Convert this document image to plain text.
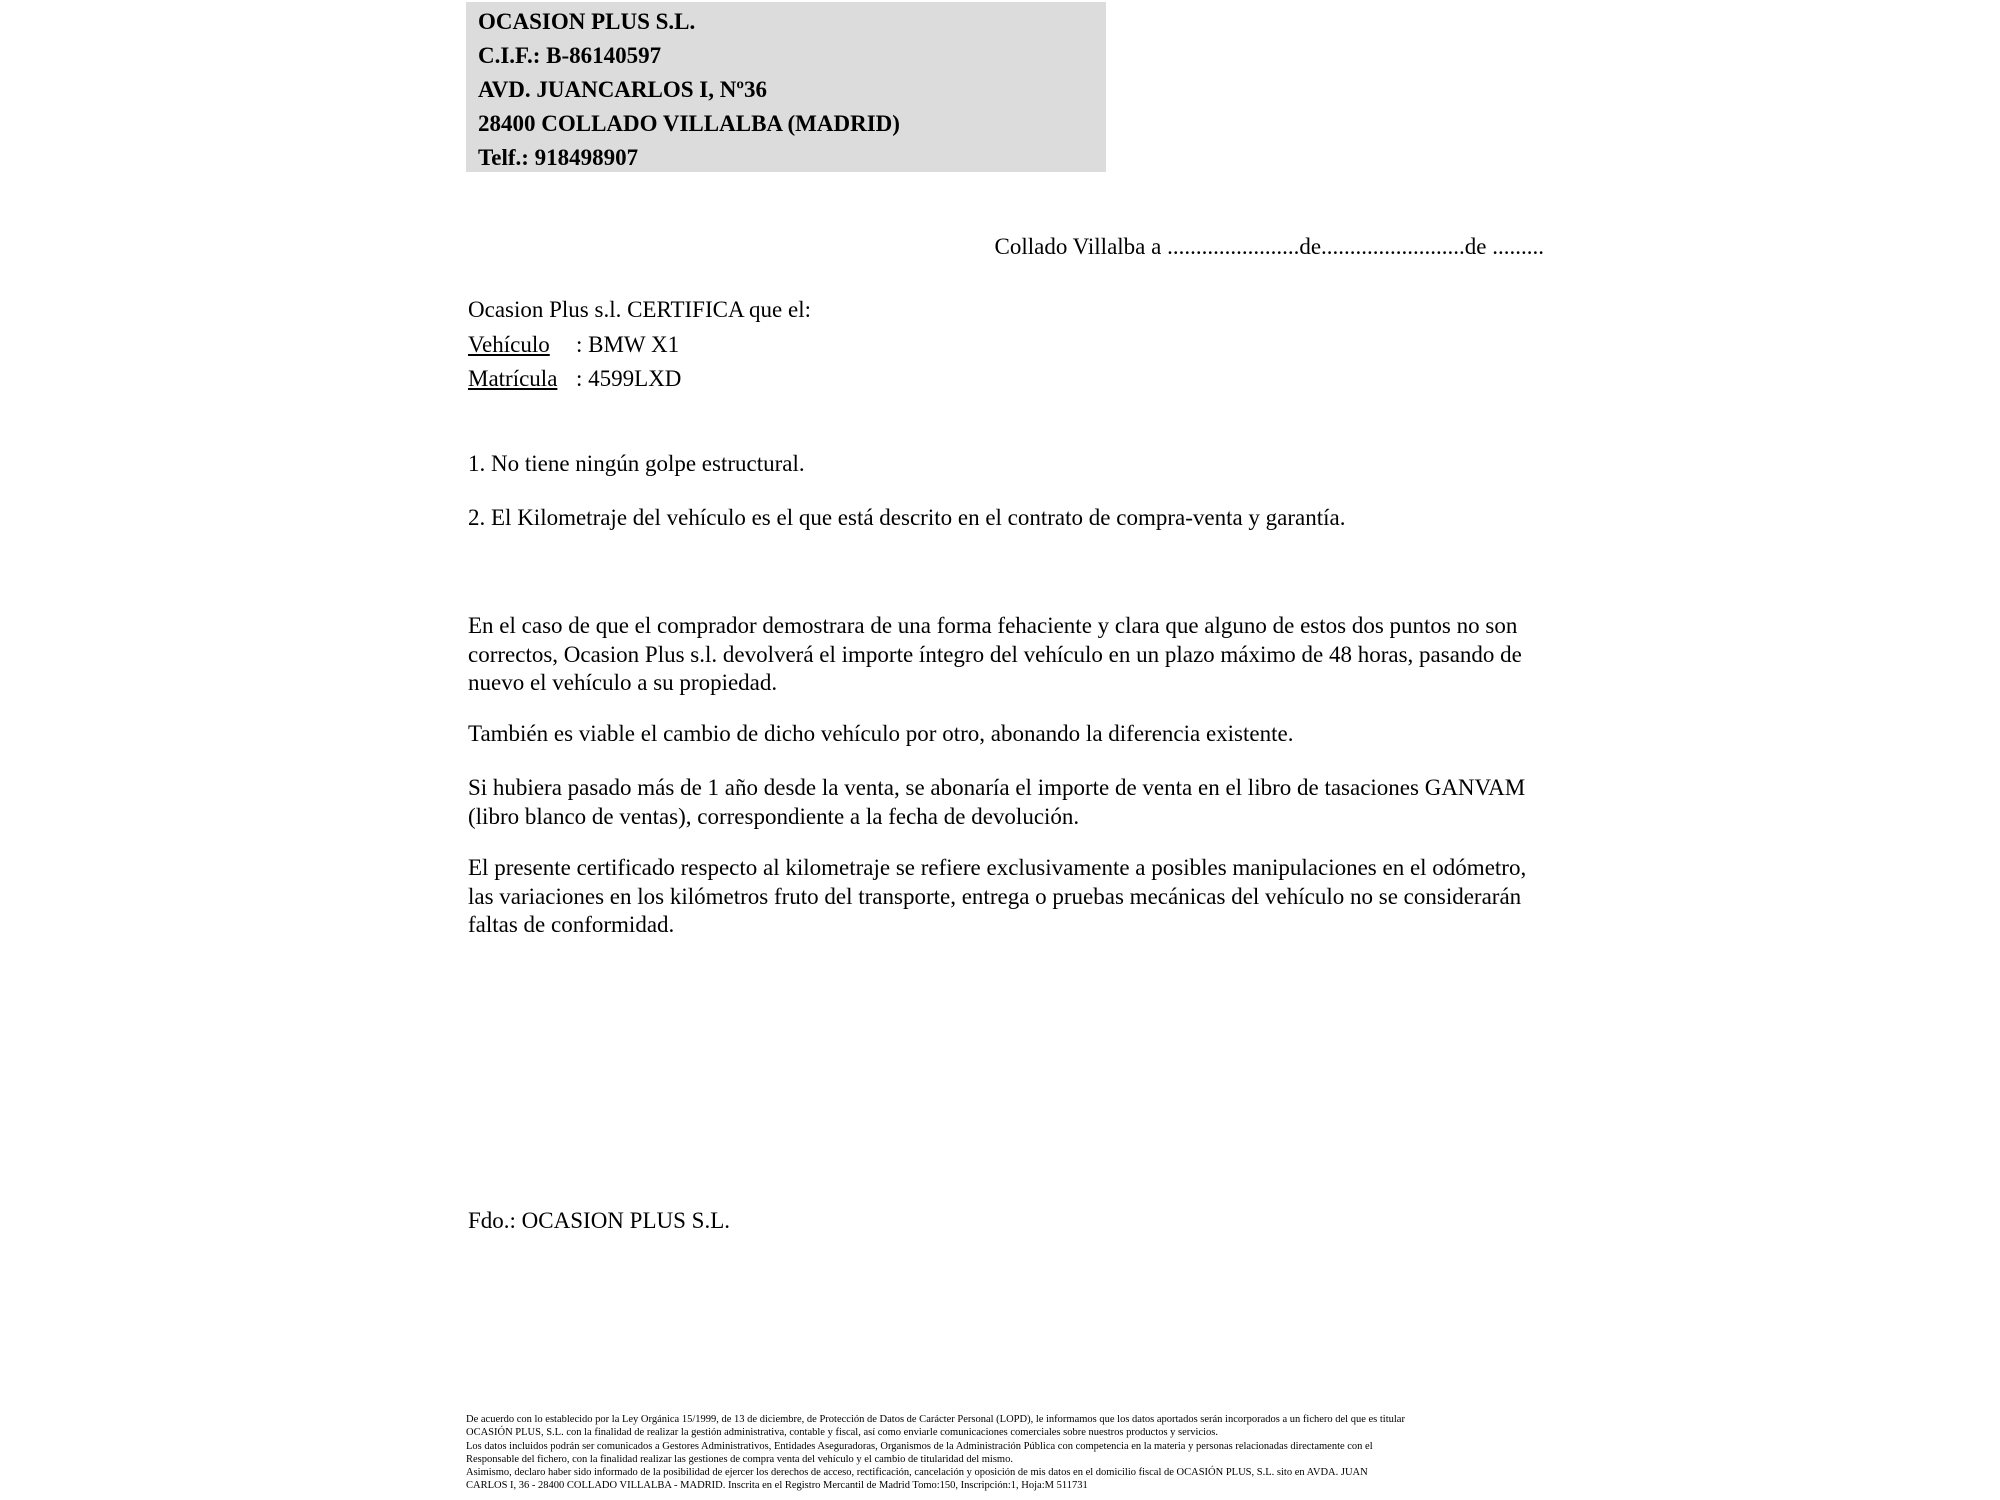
OCASION PLUS S.L.
C.I.F.: B-86140597
AVD. JUANCARLOS I, Nº36
28400 COLLADO VILLALBA (MADRID)
Telf.: 918498907
Collado Villalba a .......................de.........................de .........
Ocasion Plus s.l. CERTIFICA que el:
Vehículo : BMW X1
Matrícula : 4599LXD
1. No tiene ningún golpe estructural.
2. El Kilometraje del vehículo es el que está descrito en el contrato de compra-venta y garantía.
En el caso de que el comprador demostrara de una forma fehaciente y clara que alguno de estos dos puntos no son correctos, Ocasion Plus s.l. devolverá el importe íntegro del vehículo en un plazo máximo de 48 horas, pasando de nuevo el vehículo a su propiedad.
También es viable el cambio de dicho vehículo por otro, abonando la diferencia existente.
Si hubiera pasado más de 1 año desde la venta, se abonaría el importe de venta en el libro de tasaciones GANVAM (libro blanco de ventas), correspondiente a la fecha de devolución.
El presente certificado respecto al kilometraje se refiere exclusivamente a posibles manipulaciones en el odómetro, las variaciones en los kilómetros fruto del transporte, entrega o pruebas mecánicas del vehículo no se considerarán faltas de conformidad.
Fdo.: OCASION PLUS S.L.
De acuerdo con lo establecido por la Ley Orgánica 15/1999, de 13 de diciembre, de Protección de Datos de Carácter Personal (LOPD), le informamos que los datos aportados serán incorporados a un fichero del que es titular
OCASIÓN PLUS, S.L. con la finalidad de realizar la gestión administrativa, contable y fiscal, así como enviarle comunicaciones comerciales sobre nuestros productos y servicios.
Los datos incluidos podrán ser comunicados a Gestores Administrativos, Entidades Aseguradoras, Organismos de la Administración Pública con competencia en la materia y personas relacionadas directamente con el
Responsable del fichero, con la finalidad realizar las gestiones de compra venta del vehículo y el cambio de titularidad del mismo.
Asimismo, declaro haber sido informado de la posibilidad de ejercer los derechos de acceso, rectificación, cancelación y oposición de mis datos en el domicilio fiscal de OCASIÓN PLUS, S.L. sito en AVDA. JUAN
CARLOS I, 36 - 28400 COLLADO VILLALBA - MADRID. Inscrita en el Registro Mercantil de Madrid Tomo:150, Inscripción:1, Hoja:M 511731
